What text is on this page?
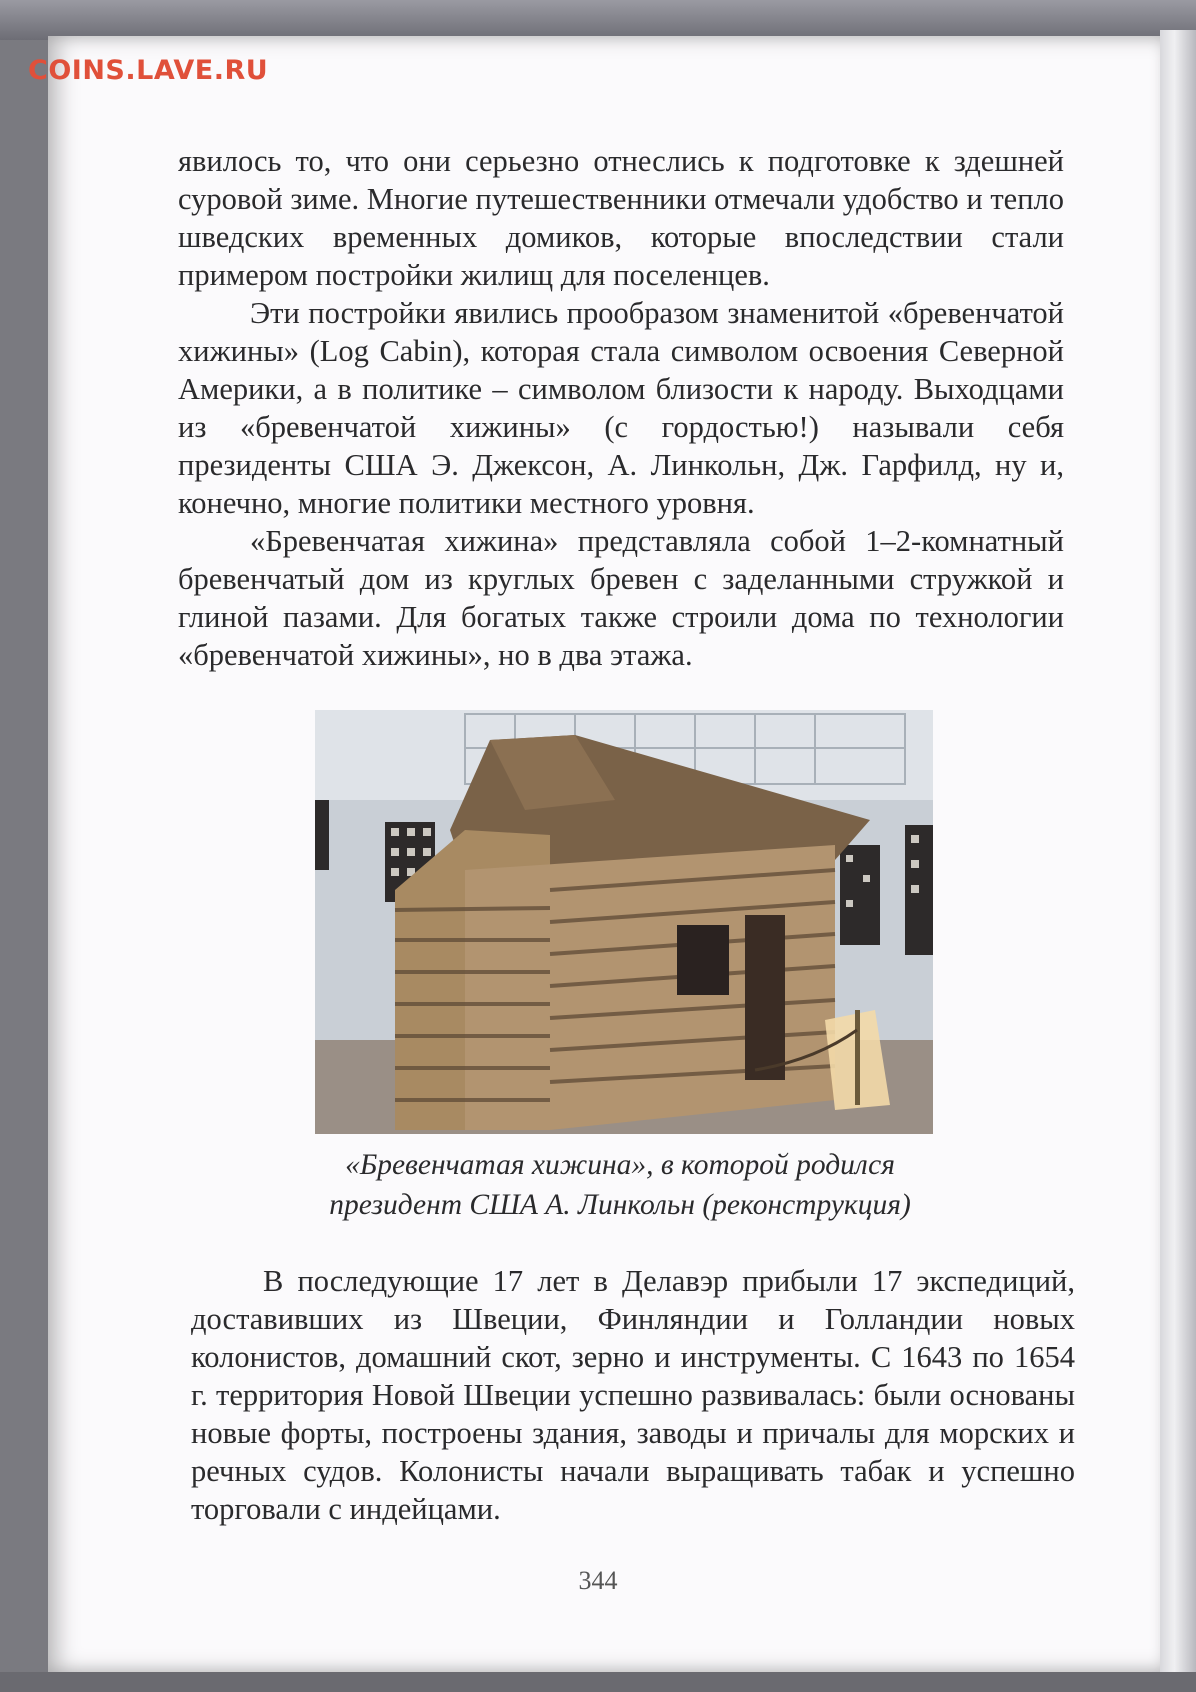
COINS.LAVE.RU

явилось то, что они серьезно отнеслись к подготовке к здешней суровой зиме. Многие путешественники отмечали удобство и тепло шведских временных домиков, которые впоследствии стали примером постройки жилищ для поселенцев.

Эти постройки явились прообразом знаменитой «бревенчатой хижины» (Log Cabin), которая стала символом освоения Северной Америки, а в политике – символом близости к народу. Выходцами из «бревенчатой хижины» (с гордостью!) называли себя президенты США Э. Джексон, А. Линкольн, Дж. Гарфилд, ну и, конечно, многие политики местного уровня.

«Бревенчатая хижина» представляла собой 1–2-комнатный бревенчатый дом из круглых бревен с заделанными стружкой и глиной пазами. Для богатых также строили дома по технологии «бревенчатой хижины», но в два этажа.

«Бревенчатая хижина», в которой родился
президент США А. Линкольн (реконструкция)

В последующие 17 лет в Делавэр прибыли 17 экспедиций, доставивших из Швеции, Финляндии и Голландии новых колонистов, домашний скот, зерно и инструменты. С 1643 по 1654 г. территория Новой Швеции успешно развивалась: были основаны новые форты, построены здания, заводы и причалы для морских и речных судов. Колонисты начали выращивать табак и успешно торговали с индейцами.

344
